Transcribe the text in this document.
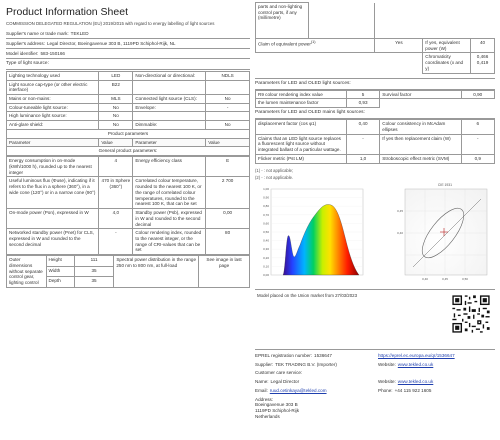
Product Information Sheet
COMMISSION DELEGATED REGULATION (EU) 2019/2015 with regard to energy labelling of light sources
Supplier's name or trade mark: TEKLED
Supplier's address: Legal Director, Boeingavenue 303 B, 1119PD Schiphol-Rijk, NL
Model identifier: 583-150166
Type of light source:
Lighting technology used	LED	Non-directional or directional:	NDLS
Light source cap-type (or other electric interface)	B22		
Mains or non-mains:	MLS	Connected light source (CLS):	No
Colour-tuneable light source:	No	Envelope:	-
High luminance light source:	No		
Anti-glare shield:	No	Dimmable:	No
Product parameters			
Parameter	Value	Parameter	Value
General product parameters:			
Energy consumption in on-mode (kWh/1000 h), rounded up to the nearest integer	4	Energy efficiency class	E
Useful luminous flux (Φuse), indicating if it refers to the flux in a sphere (360°), in a wide cone (120°) or in a narrow cone (90°)	470 in Sphere (360°)	Correlated colour temperature, rounded to the nearest 100 K, or the range of correlated colour temperatures, rounded to the nearest 100 K, that can be set	2 700
On-mode power (Pon), expressed in W	4,0	Standby power (Psb), expressed in W and rounded to the second decimal	0,00
Networked standby power (Pnet) for CLS, expressed in W and rounded to the second decimal	-	Colour rendering index, rounded to the nearest integer, or the range of CRI-values that can be set	80
Outer dimensions without separate control gear, lighting control	Height	111	Spectral power distribution in the range 250 nm to 800 nm, at full-load	See image in last page
	Width	35		
	Depth	35		
parts and non-lighting control parts, if any (millimetre)				
Claim of equivalent power$^{(1)}$		Yes	If yes, equivalent power (W)	40
			Chromaticity coordinates (x and y)	0,466
0,419
Parameters for LED and OLED light sources:
R9 colour rendering index value	5	Survival factor	0,90
the lumen maintenance factor	0,93		
Parameters for LED and OLED mains light sources:
displacement factor (cos φ1)	0,40	Colour consistency in McAdam ellipses	6
Claims that an LED light source replaces a fluorescent light source without integrated ballast of a particular wattage.	-	If yes then replacement claim (W)	-
Flicker metric (Pst LM)	1,0	Stroboscopic effect metric (SVM)	0,9
(1) - : not applicable;
(2) - : not applicable.
1,00
0,90
0,80
0,70
0,60
0,50
0,40
0,30
0,20
0,10
0,00
CIE 1931
0,40	0,45	0,50
0,45
0,40
Model placed on the Union market from 27/03/2023
EPREL registration number: 1536647	https://eprel.ec.europa.eu/qr/1536647
Supplier: TEK TRADING B.V. (Importer)	Website: www.tekled.co.uk
Customer care service:
Name: Legal Director	Website: www.tekled.co.uk
Email: ruud.cetinkaya@tekled.com	Phone: +44 115 922 1605
Address:
Boeingavenue 303 B
1119PD Schiphol-Rijk
Netherlands
